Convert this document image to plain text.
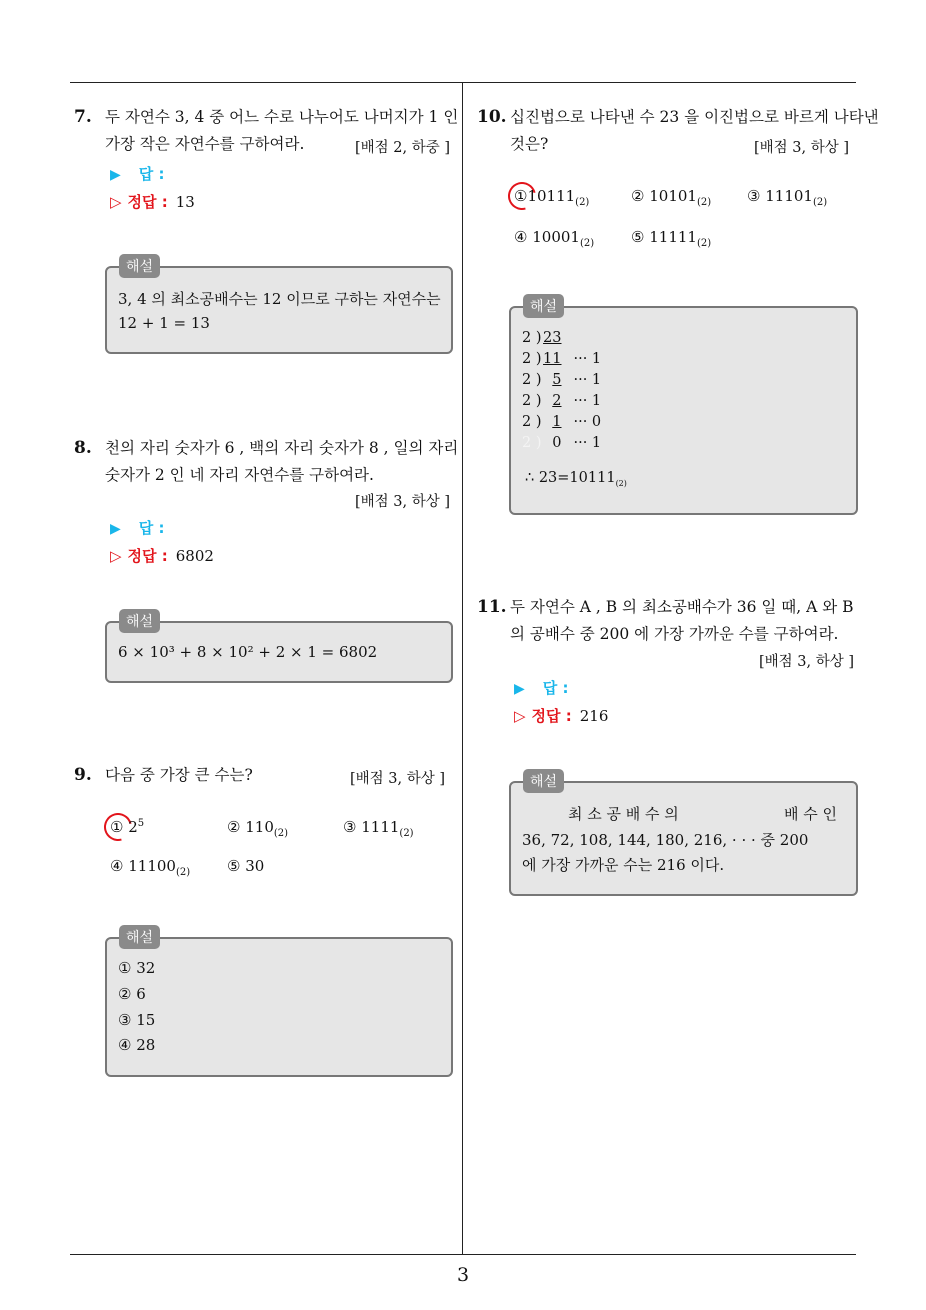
7. 두 자연수 3, 4 중 어느 수로 나누어도 나머지가 1 인
가장 작은 자연수를 구하여라.	[배점 2, 하중 ]
▶ 답 :
▷ 정답 : 13
해설
3, 4 의 최소공배수는 12 이므로 구하는 자연수는
12 + 1 = 13
8. 천의 자리 숫자가 6 , 백의 자리 숫자가 8 , 일의 자리
숫자가 2 인 네 자리 자연수를 구하여라.
[배점 3, 하상 ]
▶ 답 :
▷ 정답 : 6802
해설
6 × 10³ + 8 × 10² + 2 × 1 = 6802
9. 다음 중 가장 큰 수는?	[배점 3, 하상 ]
① $2^5$	② $110_{(2)}$	③ $1111_{(2)}$
④ $11100_{(2)}$ ⑤ 30
해설
① 32
② 6
③ 15
④ 28
10. 십진법으로 나타낸 수 23 을 이진법으로 바르게 나타낸
것은?	[배점 3, 하상 ]
$①10111_{(2)}$	② $10101_{(2)}$ ③ $11101_{(2)}$
④ $10001_{(2)}$ ⑤ $11111_{(2)}$
해설
2 ) 23
2 ) 11 ··· 1
2 ) 5 ··· 1
2 ) 2 ··· 1
2 ) 1 ··· 0
2 ) 0 ··· 1
∴ $23=10111_{(2)}$
11. 두 자연수 A , B 의 최소공배수가 36 일 때, A 와 B
의 공배수 중 200 에 가장 가까운 수를 구하여라.
[배점 3, 하상 ]
▶ 답 :
▷ 정답 : 216
해설
최 소 공 배 수 의	배 수 인
36, 72, 108, 144, 180, 216, · · · 중 200
에 가장 가까운 수는 216 이다.
3
